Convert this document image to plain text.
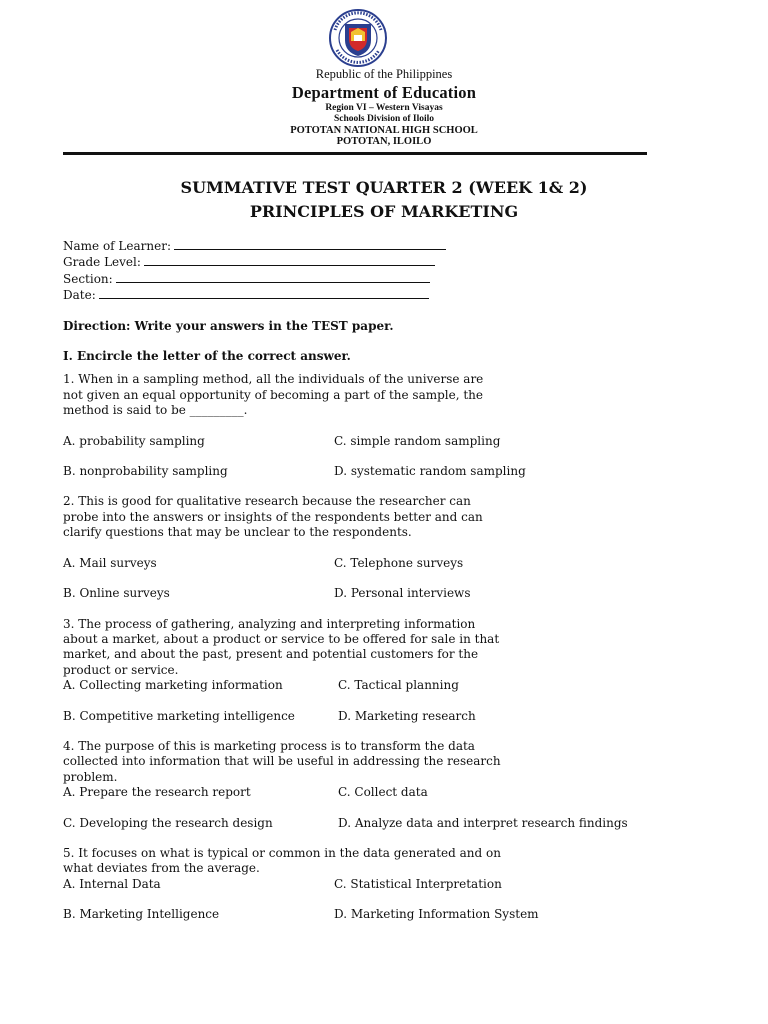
Republic of the Philippines
Department of Education
Region VI – Western Visayas
Schools Division of Iloilo
POTOTAN NATIONAL HIGH SCHOOL
POTOTAN, ILOILO
SUMMATIVE TEST QUARTER 2 (WEEK 1& 2)
PRINCIPLES OF MARKETING
Name of Learner:
Grade Level:
Section:
Date:
Direction: Write your answers in the TEST paper.
I. Encircle the letter of the correct answer.
1. When in a sampling method, all the individuals of the universe are
not given an equal opportunity of becoming a part of the sample, the
method is said to be _________.
A. probability sampling	C. simple random sampling
B. nonprobability sampling	D. systematic random sampling
2. This is good for qualitative research because the researcher can
probe into the answers or insights of the respondents better and can
clarify questions that may be unclear to the respondents.
A. Mail surveys	C. Telephone surveys
B. Online surveys	D. Personal interviews
3. The process of gathering, analyzing and interpreting information
about a market, about a product or service to be offered for sale in that
market, and about the past, present and potential customers for the
product or service.
A. Collecting marketing information	C. Tactical planning
B. Competitive marketing intelligence	D. Marketing research
4. The purpose of this is marketing process is to transform the data
collected into information that will be useful in addressing the research
problem.
A. Prepare the research report	C. Collect data
C. Developing the research design	D. Analyze data and interpret research findings
5. It focuses on what is typical or common in the data generated and on
what deviates from the average.
A. Internal Data	C. Statistical Interpretation
B. Marketing Intelligence	D. Marketing Information System
